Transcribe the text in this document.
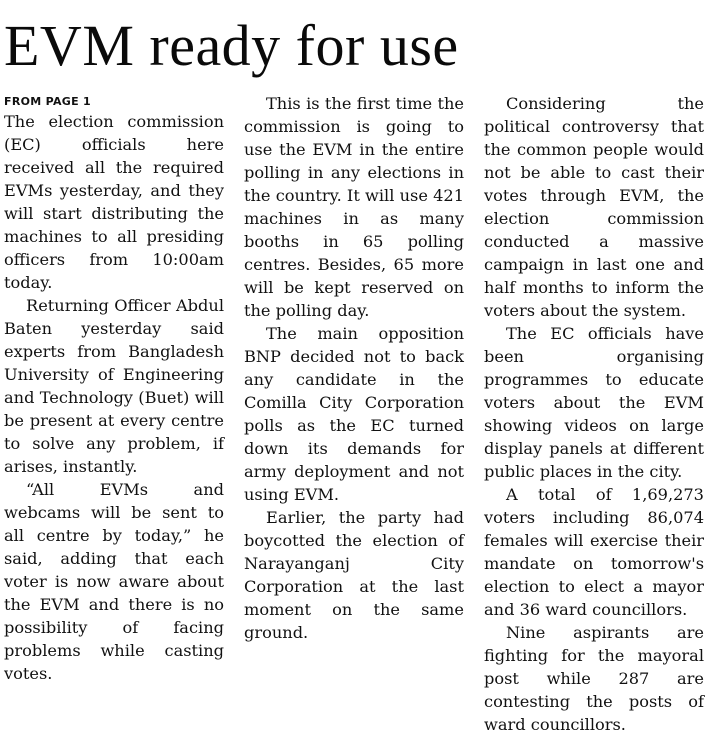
EVM ready for use
FROM PAGE 1

The election commission (EC) officials here received all the required EVMs yesterday, and they will start distributing the machines to all presiding officers from 10:00am today.

Returning Officer Abdul Baten yesterday said experts from Bangladesh University of Engineering and Technology (Buet) will be present at every centre to solve any problem, if arises, instantly.

“All EVMs and webcams will be sent to all centre by today,” he said, adding that each voter is now aware about the EVM and there is no possibility of facing problems while casting votes.

This is the first time the commission is going to use the EVM in the entire polling in any elections in the country. It will use 421 machines in as many booths in 65 polling centres. Besides, 65 more will be kept reserved on the polling day.

The main opposition BNP decided not to back any candidate in the Comilla City Corporation polls as the EC turned down its demands for army deployment and not using EVM.

Earlier, the party had boycotted the election of Narayanganj City Corporation at the last moment on the same ground.

Considering the political controversy that the common people would not be able to cast their votes through EVM, the election commission conducted a massive campaign in last one and half months to inform the voters about the system.

The EC officials have been organising programmes to educate voters about the EVM showing videos on large display panels at different public places in the city.

A total of 1,69,273 voters including 86,074 females will exercise their mandate on tomorrow's election to elect a mayor and 36 ward councillors.

Nine aspirants are fighting for the mayoral post while 287 are contesting the posts of ward councillors.
